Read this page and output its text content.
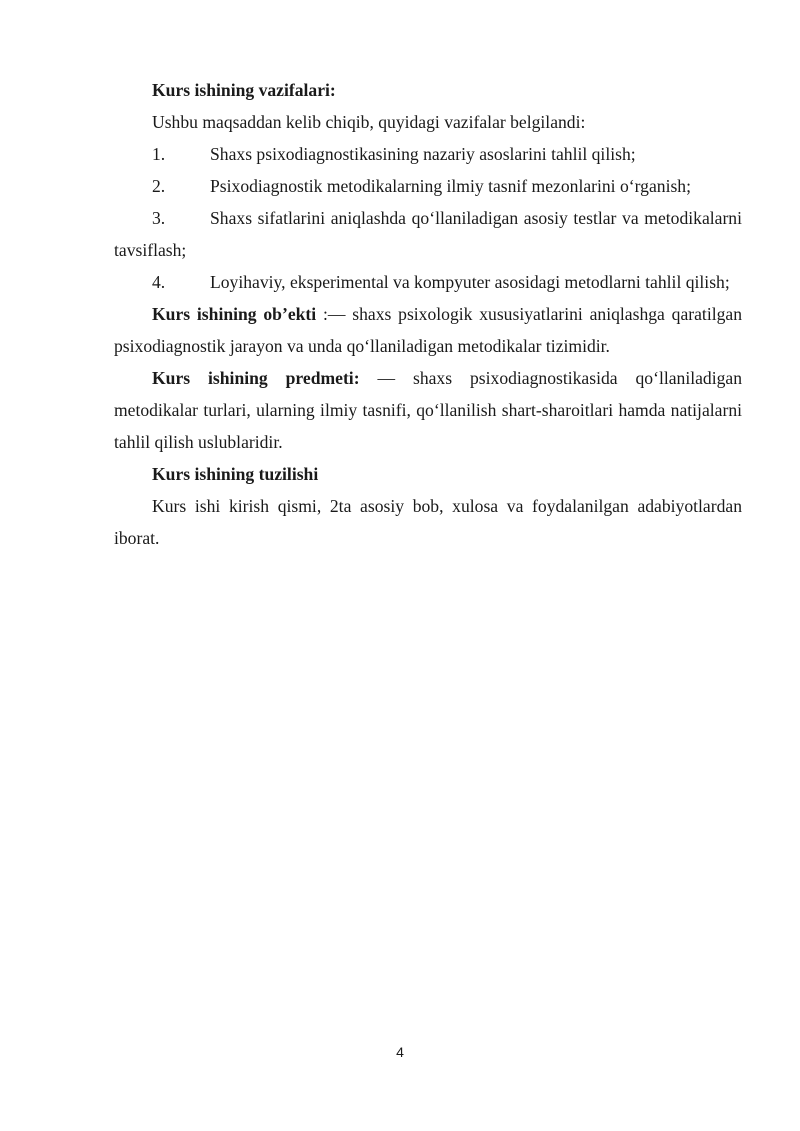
Kurs ishining vazifalari:

Ushbu maqsaddan kelib chiqib, quyidagi vazifalar belgilandi:

1.	Shaxs psixodiagnostikasining nazariy asoslarini tahlil qilish;

2.	Psixodiagnostik metodikalarning ilmiy tasnif mezonlarini o‘rganish;

3.	Shaxs sifatlarini aniqlashda qo‘llaniladigan asosiy testlar va metodikalarni tavsiflash;

4.	Loyihaviy, eksperimental va kompyuter asosidagi metodlarni tahlil qilish;

Kurs ishining ob’ekti :— shaxs psixologik xususiyatlarini aniqlashga qaratilgan psixodiagnostik jarayon va unda qo‘llaniladigan metodikalar tizimidir.

Kurs ishining predmeti: — shaxs psixodiagnostikasida qo‘llaniladigan metodikalar turlari, ularning ilmiy tasnifi, qo‘llanilish shart-sharoitlari hamda natijalarni tahlil qilish uslublaridir.

Kurs ishining tuzilishi

Kurs ishi kirish qismi, 2ta asosiy bob, xulosa va foydalanilgan adabiyotlardan iborat.

4
